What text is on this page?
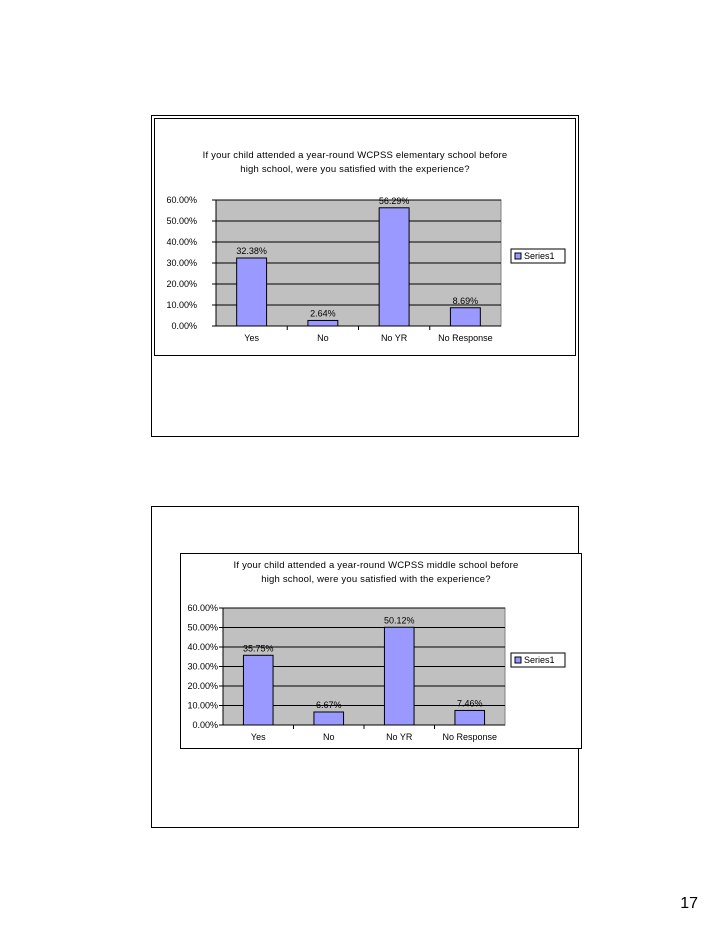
If your child attended a year-round WCPSS elementary school before high school, were you satisfied with the experience?
0.00%
10.00%
20.00%
30.00%
40.00%
50.00%
60.00%
32.38%
Yes
2.64%
No
56.29%
No YR
8.69%
No Response
Series1
If your child attended a year-round WCPSS middle school before high school, were you satisfied with the experience?
0.00%
10.00%
20.00%
30.00%
40.00%
50.00%
60.00%
35.75%
Yes
6.67%
No
50.12%
No YR
7.46%
No Response
Series1
17
